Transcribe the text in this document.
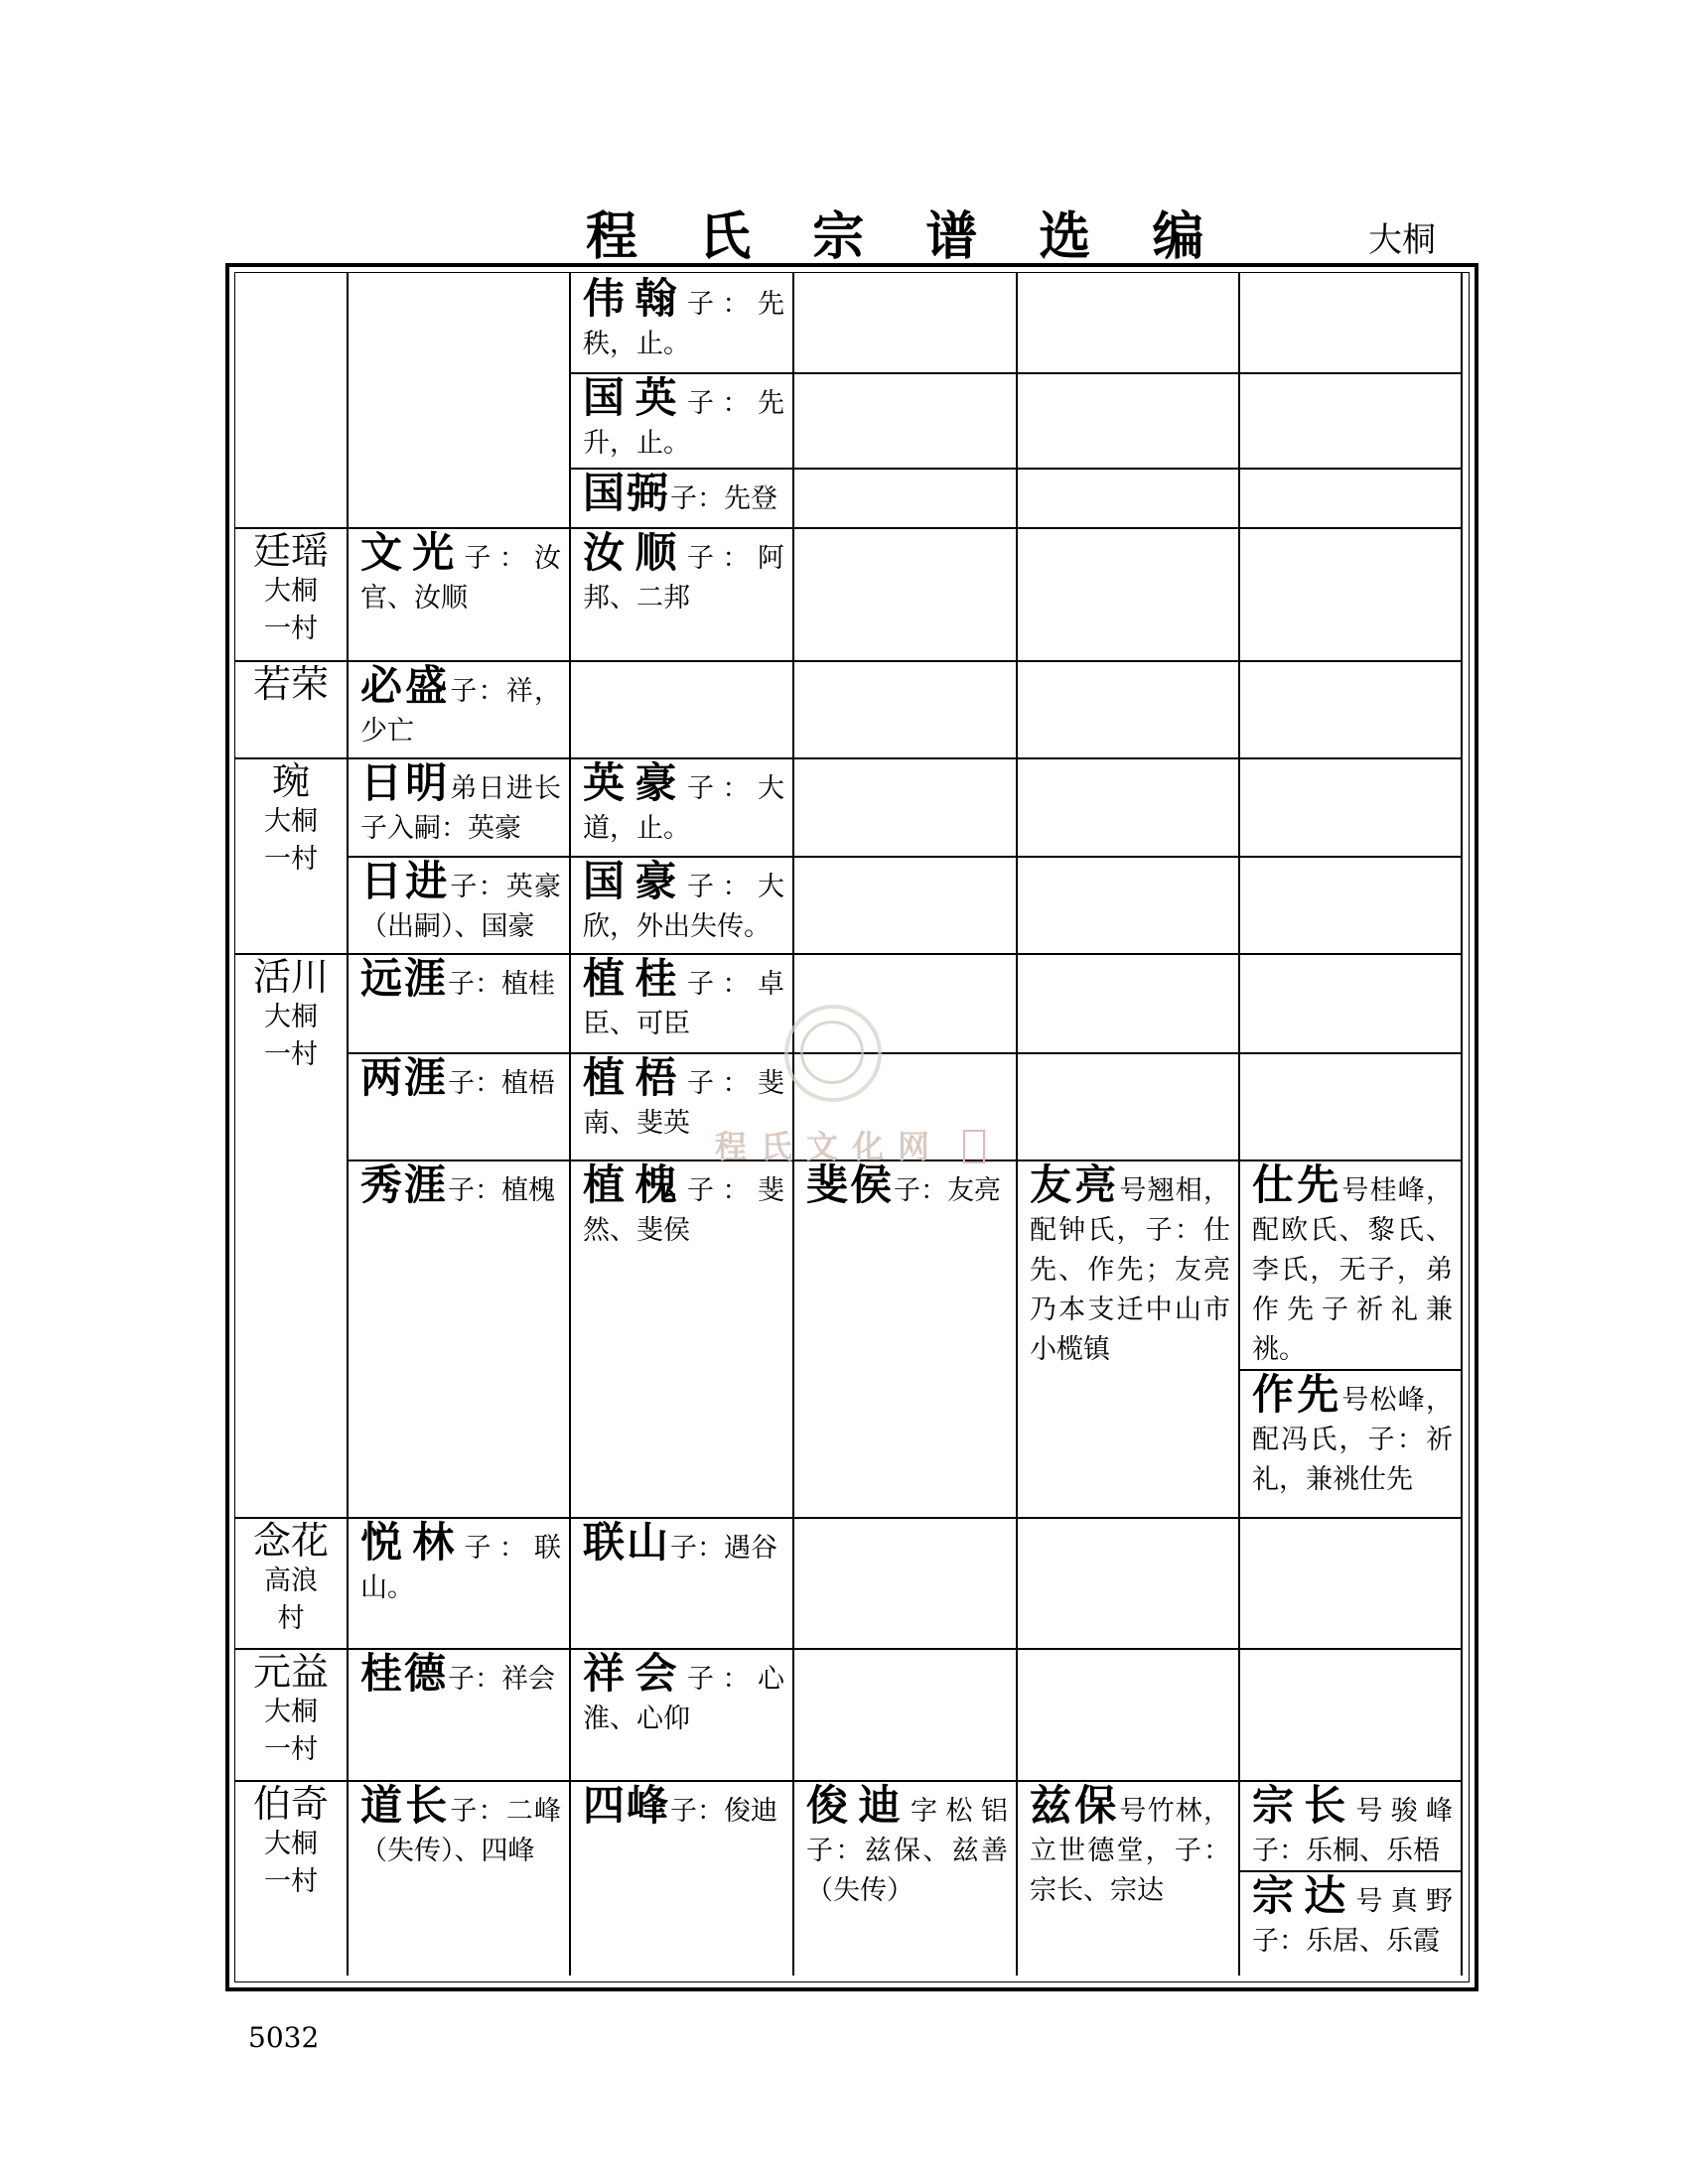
程 氏 宗 谱 选 编	大桐
伟翰子：先秩，止。
国英子：先升，止。
国弼子：先登
廷瑶
大桐一村
文光子：汝官、汝顺
汝顺子：阿邦、二邦
若荣 必盛子：祥，少亡
琬
大桐一村
日明弟日进长子入嗣：英豪
日进子：英豪（出嗣）、国豪
英豪子：大道，止。
国豪子：大欣，外出失传。
活川
大桐一村
远涯子：植桂
两涯子：植梧
秀涯子：植槐
植桂子：卓臣、可臣
植梧子：斐南、斐英
植槐子：斐然、斐侯
斐侯子：友亮 友亮号翘相，配钟氏，子：仕先、作先；友亮乃本支迁中山市小榄镇
仕先号桂峰，配欧氏、黎氏、李氏，无子，弟作先子祈礼兼祧。
作先号松峰，配冯氏，子：祈礼，兼祧仕先
念花
高浪村
悦林子：联山。
联山子：遇谷
元益
大桐一村
桂德子：祥会 祥会子：心淮、心仰
伯奇
大桐一村
道长子：二峰（失传）、四峰
四峰子：俊迪 俊迪字松铝子：兹保、兹善（失传）
兹保号竹林，立世德堂，子：宗长、宗达
宗长号骏峰子：乐桐、乐梧
宗达号真野子：乐居、乐霞
程氏文化网
5032
